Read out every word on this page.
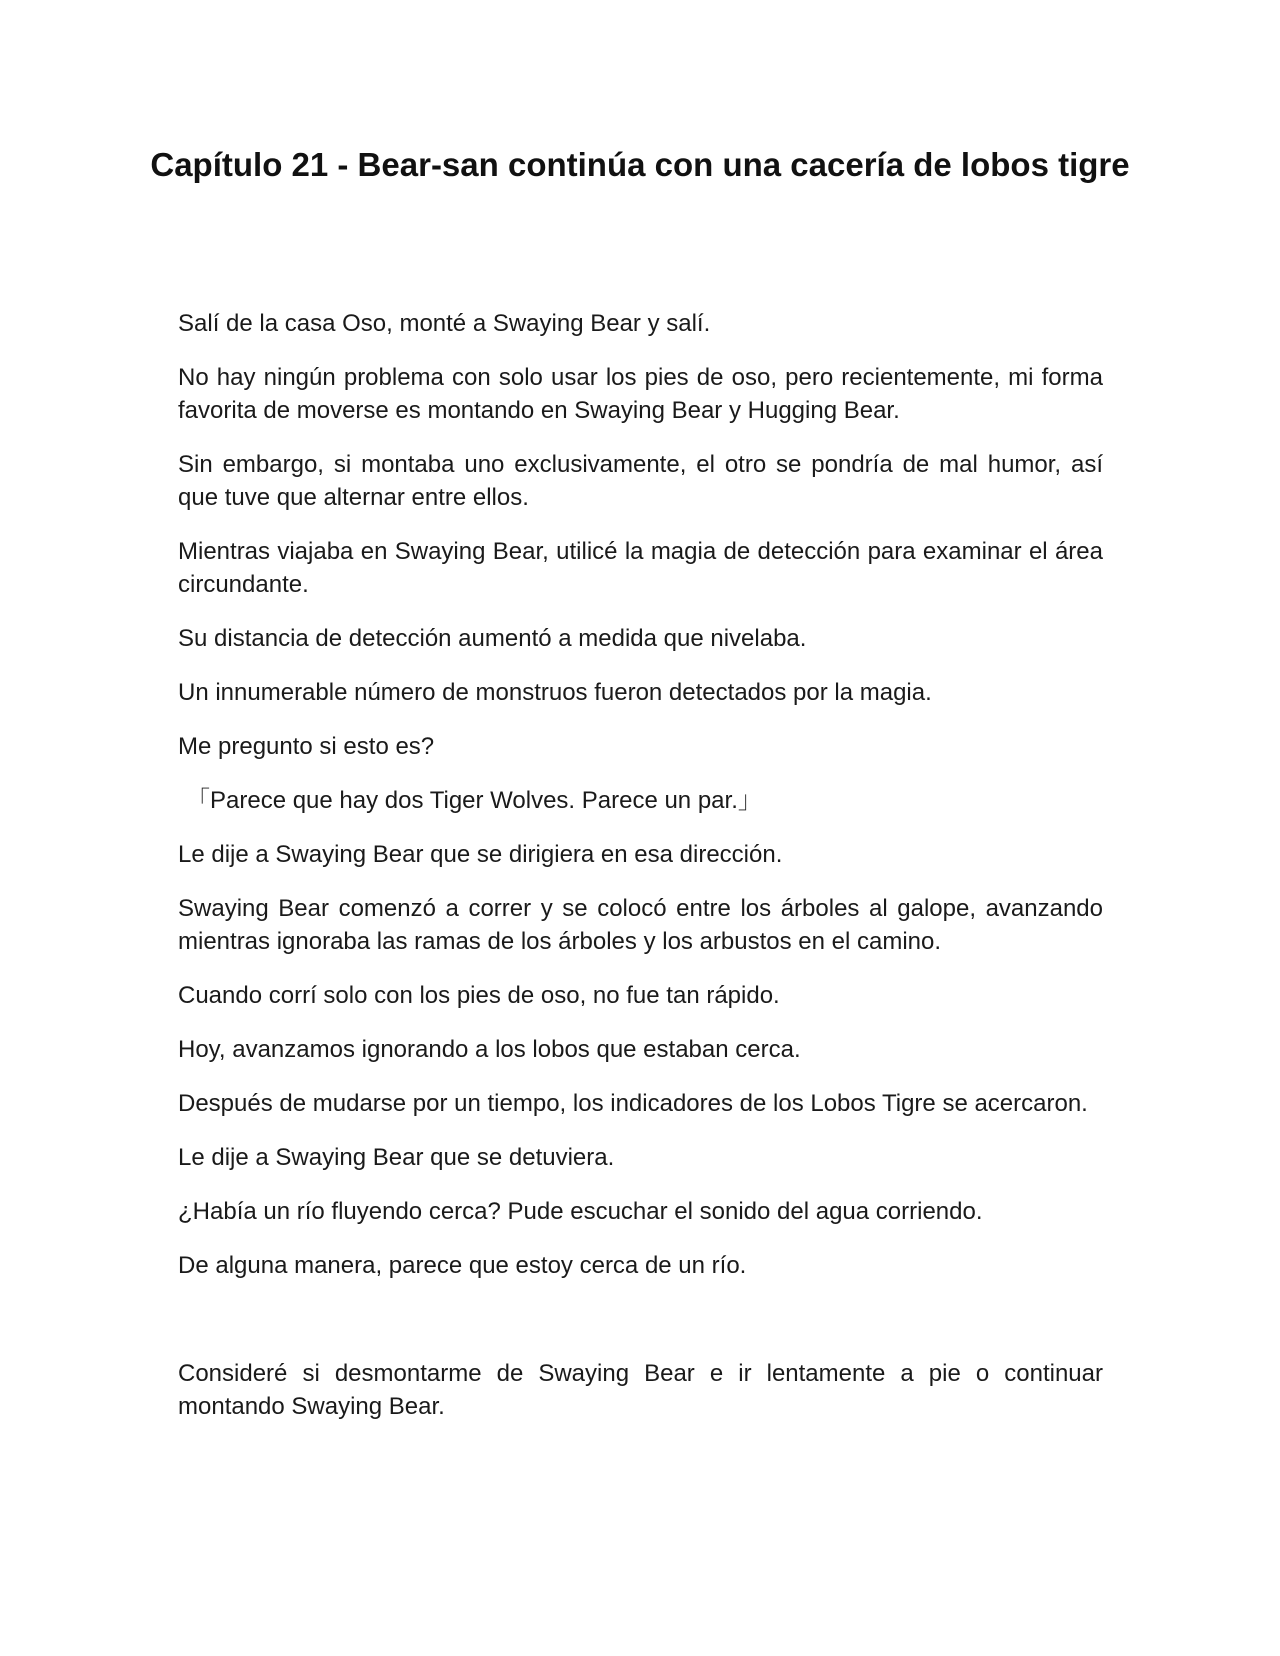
Capítulo 21 - Bear-san continúa con una cacería de lobos tigre

Salí de la casa Oso, monté a Swaying Bear y salí.

No hay ningún problema con solo usar los pies de oso, pero recientemente, mi forma favorita de moverse es montando en Swaying Bear y Hugging Bear.

Sin embargo, si montaba uno exclusivamente, el otro se pondría de mal humor, así que tuve que alternar entre ellos.

Mientras viajaba en Swaying Bear, utilicé la magia de detección para examinar el área circundante.

Su distancia de detección aumentó a medida que nivelaba.

Un innumerable número de monstruos fueron detectados por la magia.

Me pregunto si esto es?

「Parece que hay dos Tiger Wolves. Parece un par.」

Le dije a Swaying Bear que se dirigiera en esa dirección.

Swaying Bear comenzó a correr y se colocó entre los árboles al galope, avanzando mientras ignoraba las ramas de los árboles y los arbustos en el camino.

Cuando corrí solo con los pies de oso, no fue tan rápido.

Hoy, avanzamos ignorando a los lobos que estaban cerca.

Después de mudarse por un tiempo, los indicadores de los Lobos Tigre se acercaron.

Le dije a Swaying Bear que se detuviera.

¿Había un río fluyendo cerca? Pude escuchar el sonido del agua corriendo.

De alguna manera, parece que estoy cerca de un río.

Consideré si desmontarme de Swaying Bear e ir lentamente a pie o continuar montando Swaying Bear.
